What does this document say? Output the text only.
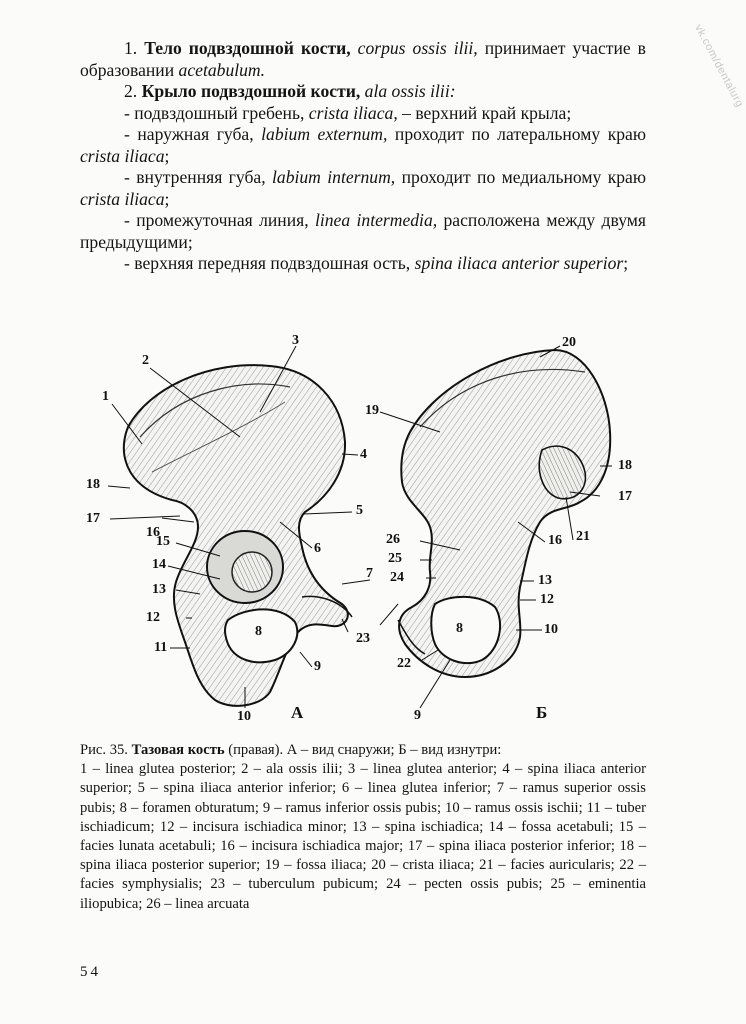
vk.com/dentalurg

1. Тело подвздошной кости, corpus ossis ilii, принимает участие в образовании acetabulum.

2. Крыло подвздошной кости, ala ossis ilii:

- подвздошный гребень, crista iliaca, – верхний край крыла;

- наружная губа, labium externum, проходит по латеральному краю crista iliaca;

- внутренняя губа, labium internum, проходит по медиальному краю crista iliaca;

- промежуточная линия, linea intermedia, расположена между двумя предыдущими;

- верхняя передняя подвздошная ость, spina iliaca anterior superior;

1
2
3
4
5
6
7
8
9
10
11
12
13
14
15
16
17
18
А
20
19
18
17
21
16
26
25
24	13
12
10
8
23
22
9	Б

Рис. 35. Тазовая кость (правая). А – вид снаружи; Б – вид изнутри:

1 – linea glutea posterior; 2 – ala ossis ilii; 3 – linea glutea anterior; 4 – spina iliaca anterior superior; 5 – spina iliaca anterior inferior; 6 – linea glutea inferior; 7 – ramus superior ossis pubis; 8 – foramen obturatum; 9 – ramus inferior ossis pubis; 10 – ramus ossis ischii; 11 – tuber ischiadicum; 12 – incisura ischiadica minor; 13 – spina ischiadica; 14 – fossa acetabuli; 15 – facies lunata acetabuli; 16 – incisura ischiadica major; 17 – spina iliaca posterior inferior; 18 – spina iliaca posterior superior; 19 – fossa iliaca; 20 – crista iliaca; 21 – facies auricularis; 22 – facies symphysialis; 23 – tuberculum pubicum; 24 – pecten ossis pubis; 25 – eminentia iliopubica; 26 – linea arcuata

54
